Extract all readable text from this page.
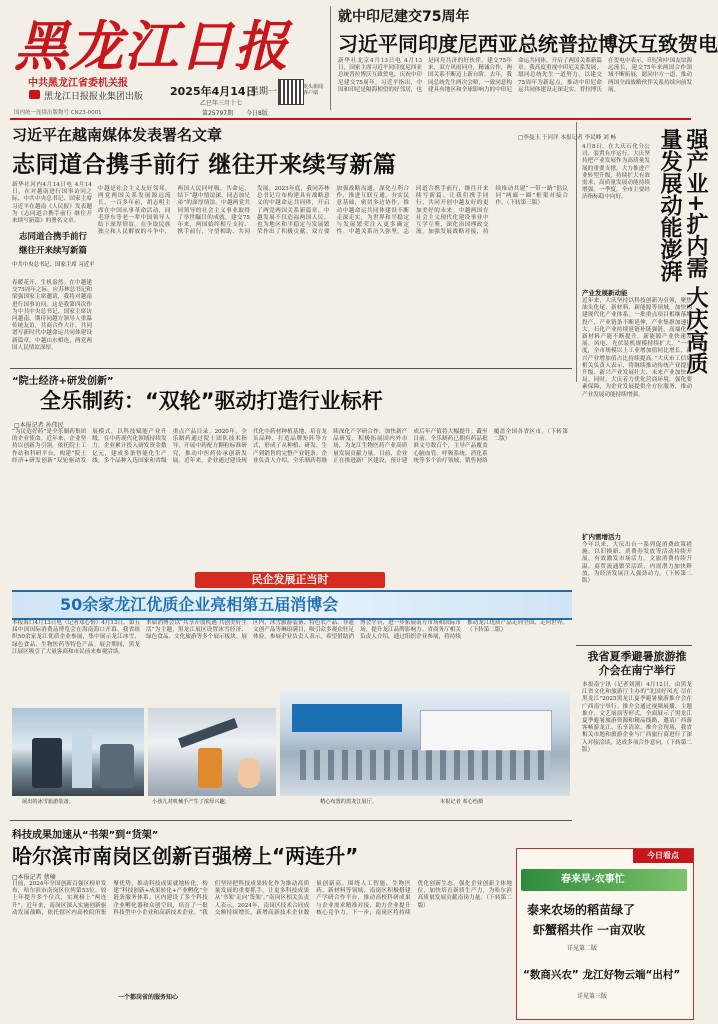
黑龙江日报
中共黑龙江省委机关报
黑龙江日报报业集团出版
国内统一连续出版物号 CN23-0001
2025年4月14日
星期一
乙巳年三月十七
第25797期 今日8版
龙头新闻客户端
就中印尼建交75周年
习近平同印度尼西亚总统普拉博沃互致贺电
新华社北京4月13日电 4月13日，国家主席习近平同印度尼西亚总统普拉博沃互致贺电，庆祝中印尼建交75周年。习近平指出，中国和印尼是隔海相望的好邻居，也是同舟共济的好伙伴。建交75年来，双方风雨同舟，精诚合作，两国关系不断迈上新台阶。去年，我同总统先生两次会晤，一致同意构建具有地区和全球影响力的中印尼命运共同体，开启了两国关系新篇章。我高度重视中印尼关系发展，愿同总统先生一道努力，以建交75周年为新起点，推动中印尼命运共同体建设走深走实。普拉博沃在贺电中表示，印尼和中国友谊源远流长，建交75年来两国合作领域不断拓展，愿同中方一道，推动两国全面战略伙伴关系持续向前发展。
习近平在越南媒体发表署名文章
志同道合携手前行 继往开来续写新篇
新华社河内4月14日电 4月14日，在对越南进行国事访问之际，中共中央总书记、国家主席习近平在越南《人民报》发表题为《志同道合携手前行 继往开来续写新篇》的署名文章。
志同道合携手前行
继往开来续写新篇
中共中央总书记、国家主席 习近平
春暖花开，生机盎然。在中越建交75周年之际，应苏林总书记和梁强国家主席邀请，我将对越南进行国事访问。这是我第四次作为中共中央总书记、国家主席访问越南，期待同越方领导人重温传统友谊，共商合作大计，共同谱写新时代中越命运共同体建设新篇章。中越山水相连，两党两国人民情谊深厚。
中越是社会主义友好邻邦，两党两国关系发展源远流长。一百多年前，胡志明主席在中国从事革命活动，同毛泽东等老一辈中国领导人结下深厚情谊。在争取民族独立和人民解放的斗争中，两国人民同呼吸、共命运，结下“越中情谊深，同志加兄弟”的深厚情谊。中越两党共同领导的社会主义事业取得了举世瞩目的成就。建交75年来，两国始终相互支持、携手前行，守望相助、共同发展。2023年底，我同苏林总书记宣布构建具有战略意义的中越命运共同体，开启了两党两国关系新篇章。中越发展不仅造福两国人民，也为地区和平稳定与发展繁荣作出了积极贡献。双方要加强战略沟通，深化互利合作，推进互联互通，夯实民意基础，密切多边协作，推动中越命运共同体建设不断走深走实，为世界和平稳定与发展繁荣注入更多确定性。中越关系历久弥坚，志同道合携手前行，继往开来续写新篇。让我们携手同行，共同开创中越友好的更加美好的未来。中越两国在社会主义现代化建设事业中互学互鉴，深化治国理政交流，加强发展战略对接，持续推动共建“一带一路”倡议同“两廊一圈”框架对接合作。（下转第三版）
“院士经济+研发创新”
全乐制药：“双轮”驱动打造行业标杆
□本报记者 孙伟民
“为民造好药”是全乐制药集团的企业使命。近年来，企业坚持以创新为引领，依托院士工作站和科研平台，构建“院士经济+研发创新”双轮驱动发展模式，以科技赋能产业升级，在中药现代化领域持续发力。企业累计投入研发资金数亿元，建成多条智能化生产线，多个品种入选国家和省级重点产品目录。2020年，全乐制药通过院士团队技术指导，开展中药配方颗粒标准研究，推动中医药传承创新发展。近年来，企业通过建设现代化中药材种植基地、培育龙头品种、打造品牌矩阵等方式，形成了从种植、研发、生产到销售的完整产业链条。企业负责人介绍，全乐制药将继续深化产学研合作，加快新产品研发，积极拓展国内外市场，为龙江生物医药产业高质量发展贡献力量。目前，企业正在推进新厂区建设，预计建成后年产值将大幅提升。截至目前，全乐制药已拥有药品批准文号数百个，主导产品覆盖心脑血管、呼吸系统、消化系统等多个治疗领域，销售网络覆盖全国各省区市。（下转第二版）
民企发展正当时
50余家龙江优质企业亮相第五届消博会
本报海口4月13日电（记者邓心怡）4月13日，第五届中国国际消费品博览会在海南海口开幕。我省组织50余家龙江优质企业参展，集中展示龙江冰雪、绿色食品、生物医药等特色产品。展会期间，黑龙江展区吸引了大量客商和市民前来参观洽谈。
本届消博会以“共享开放机遇 共创美好生活”为主题，黑龙江展区设置冰雪经济、绿色食品、文化旅游等多个展示板块。展区内，冰雪旅游装备、特色农产品、非遗文创产品等琳琅满目，吸引众多观众驻足体验。参展企业负责人表示，希望借助消博会平台，进一步拓展南方市场和国际市场，提升龙江品牌影响力。省商务厅相关负责人介绍，通过组织企业参展，将持续推动龙江优质产品走向全国、走向世界。（下转第二版）
展出的冰雪旅游装备。	小孩儿对机械手产生了浓厚兴趣。	精心布置的黑龙江展厅。	本报记者 邓心怡摄
强产业+扩内需 大庆高质量发展动能澎湃
□李曼玉 于河洋 本报记者 李民峰 刘 畅
4月8日，在大庆石化分公司，装置有序运行。大庆坚持把产业发展作为高质量发展的重要支撑，大力推进产业转型升级，持续扩大有效需求，高质量发展动能持续增强。一季度，全市主要经济指标稳中向好。
产业发展新动能
近年来，大庆坚持以科技创新为引领，聚焦油头化尾、新材料、新能源等领域，加快构建现代化产业体系。一批重点项目相继落地投产，产业链条不断延伸，产业集群加速壮大。石化产业持续延链补链强链，高端化工新材料产能不断提升。新能源产业快速发展，风电、光伏装机规模持续扩大。“一季度，全市规模以上工业增加值同比增长，新兴产业增加值占比持续提高。”大庆市工信局相关负责人表示，将继续推动传统产业提质升级、新兴产业发展壮大、未来产业加快布局。同时，大庆着力优化营商环境，强化要素保障，为企业发展提供全方位服务，推动产业发展动能持续增强。
扩内需增活力
今年以来，大庆出台一系列促消费政策措施，以旧换新、消费券发放等活动持续开展，有效激发市场活力。文旅消费持续升温，商贸流通繁荣活跃，内需潜力加快释放，为经济发展注入强劲动力。（下转第二版）
我省夏季避暑旅游推介会在南宁举行
本报南宁讯（记者刘浏）4月12日，由黑龙江省文化和旅游厅主办的“北国好风光 尽在黑龙江”2025黑龙江夏季避暑旅游推介会在广西南宁举行。推介会通过视频展播、主题推介、文艺展演等形式，全面展示了黑龙江夏季避暑旅游资源和精品线路，邀请广西游客畅游龙江、乐享清凉。推介会现场，我省相关市地和旅游企业与广西旅行商进行了深入对接洽谈，达成多项合作意向。（下转第二版）
科技成果加速从“书架”到“货架”
哈尔滨市南岗区创新百强榜上“两连升”
□本报记者 蔡楠
日前，2024年全国创新百强区榜单发布，哈尔滨市南岗区位列第53位，较上年提升多个位次，实现榜上“两连升”。近年来，南岗区深入实施创新驱动发展战略，依托辖区内高校院所集聚优势，推动科技成果就地转化，构建“科技创新+成果转化+产业孵化”全链条服务体系。区内建设了多个科技企业孵化器和众创空间，培育了一批科技型中小企业和高新技术企业。“我们坚持把科技成果转化作为推动高质量发展的重要抓手，让更多科技成果从‘书架’走向‘货架’。”南岗区相关负责人表示。2024年，南岗区技术合同成交额持续增长，新增高新技术企业数量创新高。围绕人工智能、生物医药、新材料等领域，南岗区积极搭建产学研合作平台，推动高校科研成果与企业需求精准对接，助力企业提升核心竞争力。下一步，南岗区将持续优化创新生态，强化企业创新主体地位，加快培育新质生产力，为哈尔滨高质量发展贡献南岗力量。（下转第二版）
一个都岗省的服务知心
今日看点
春来早·农事忙
泰来农场的稻苗绿了
虾蟹稻共作 一亩双收
详见第二版
“数商兴农” 龙江好物云端“出村”
详见第三版
